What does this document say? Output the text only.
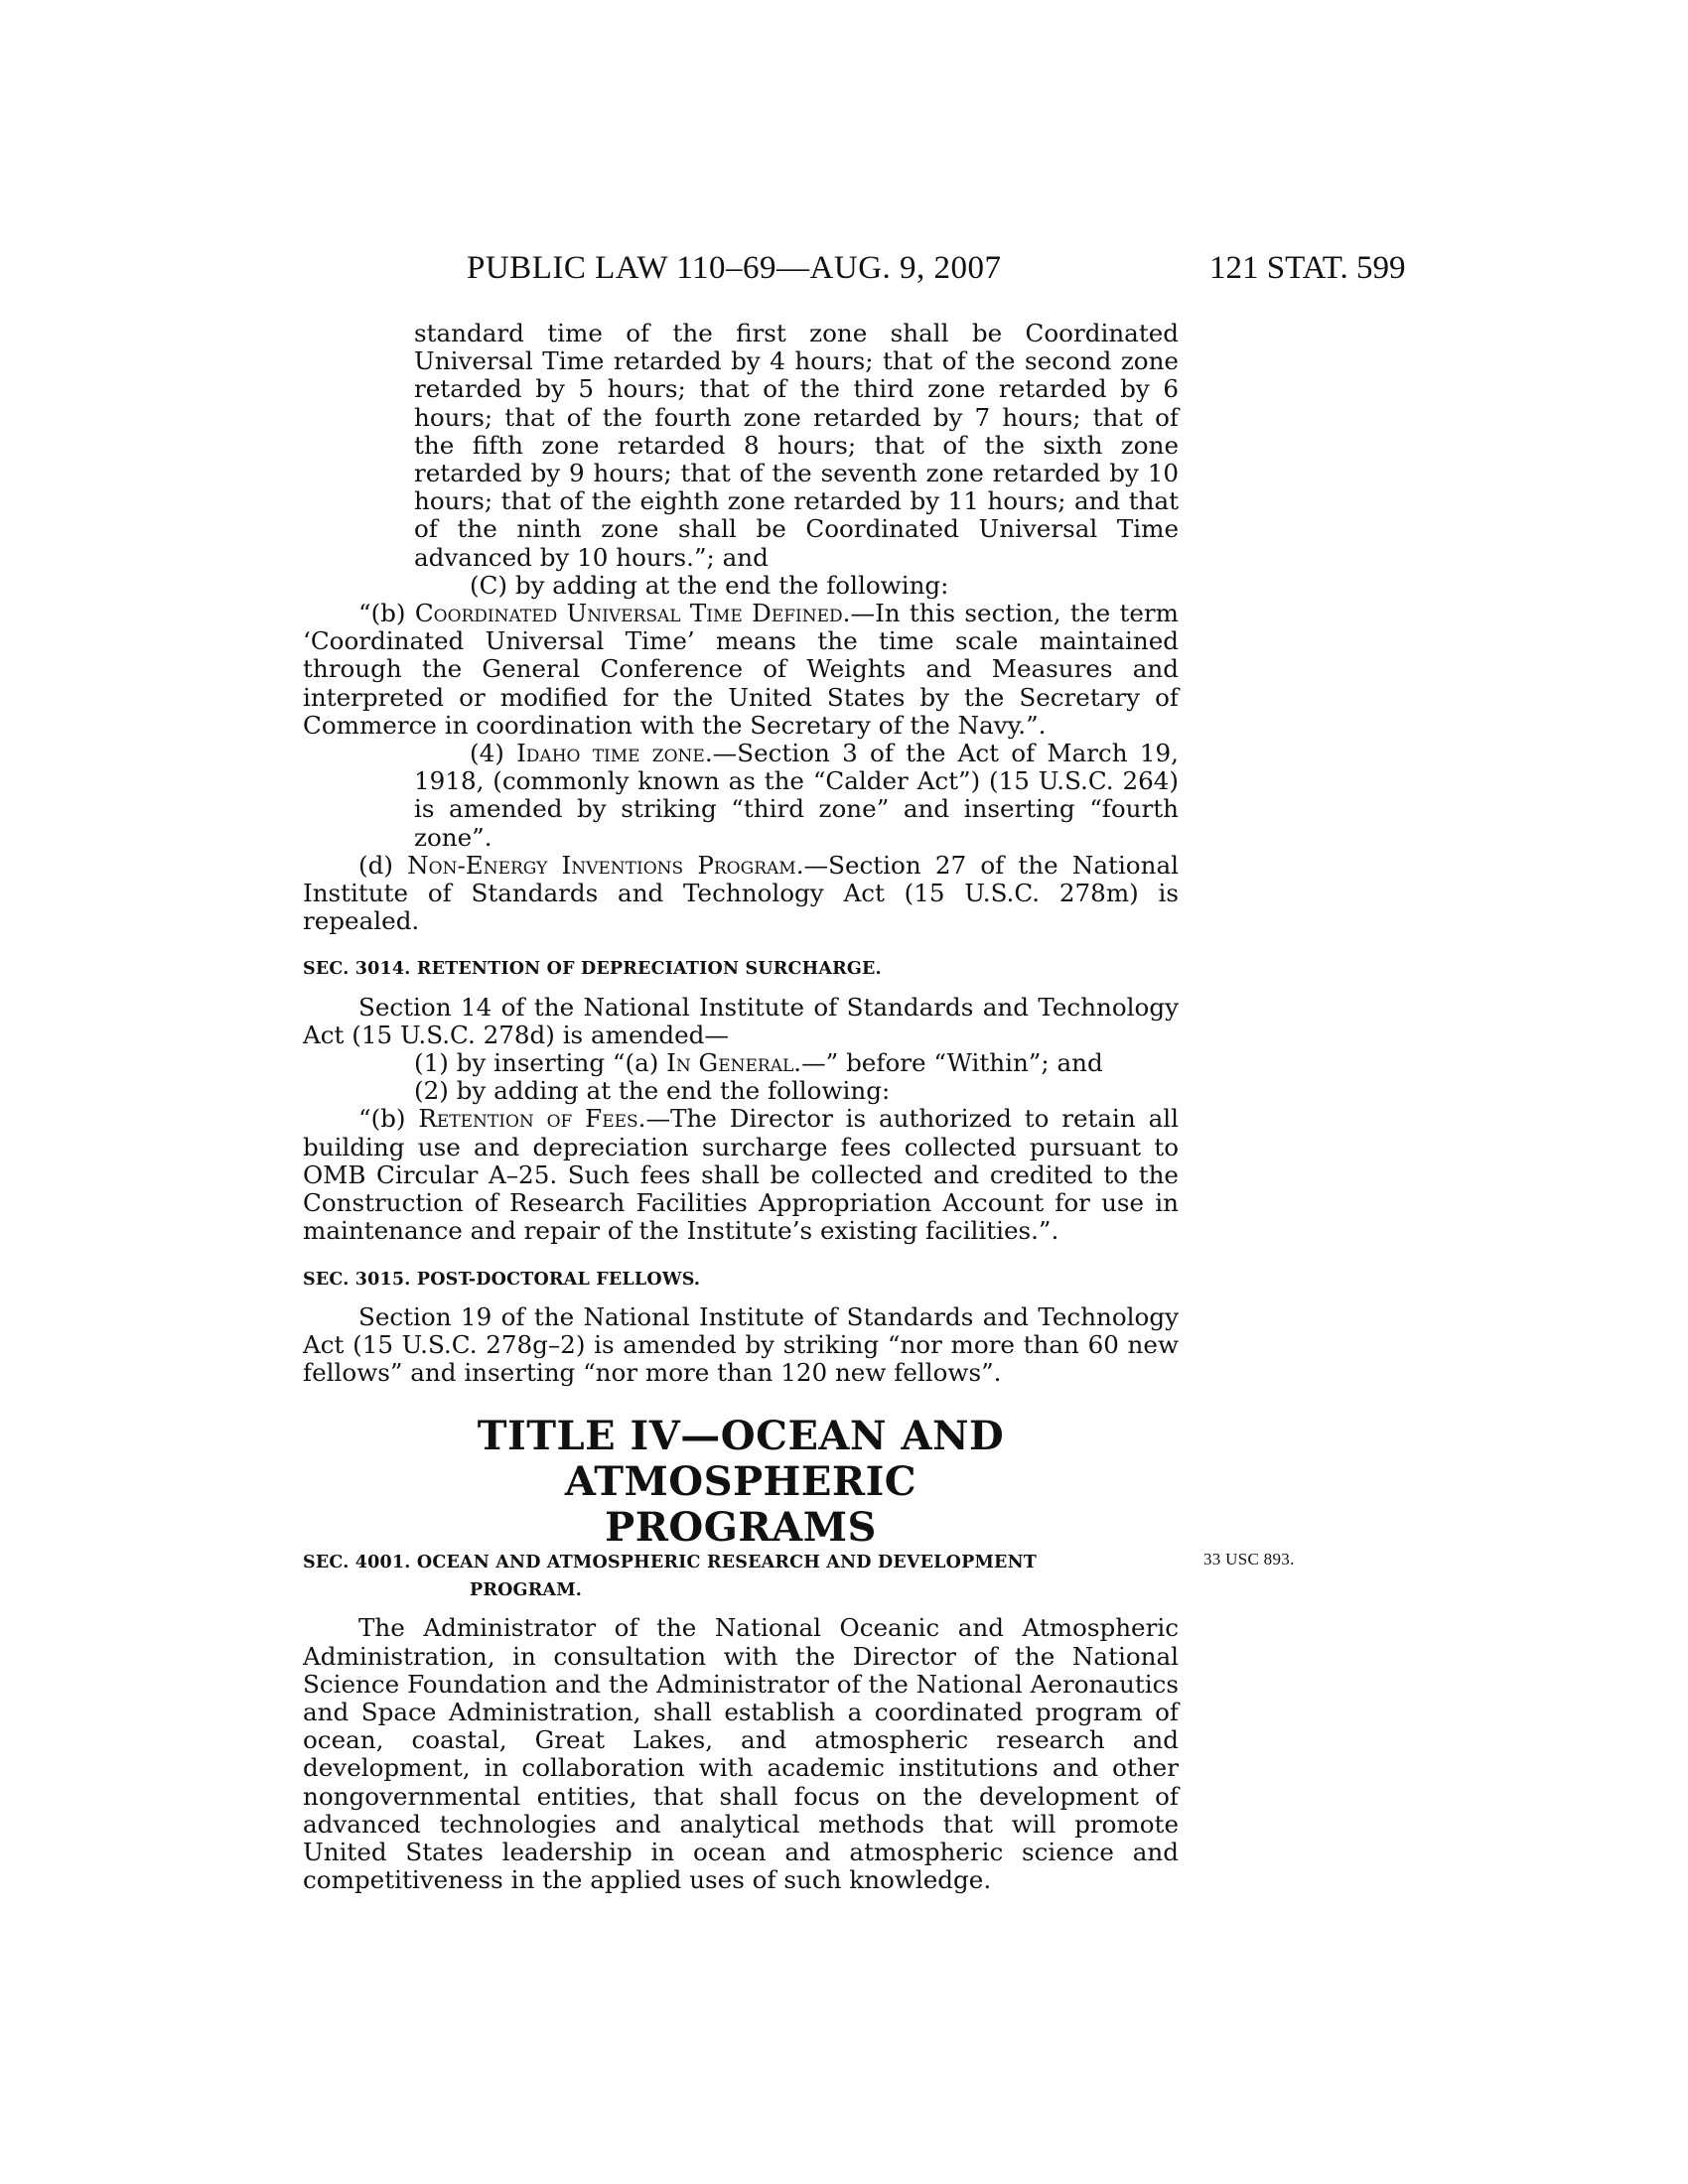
PUBLIC LAW 110–69—AUG. 9, 2007	121 STAT. 599

standard time of the first zone shall be Coordinated Universal Time retarded by 4 hours; that of the second zone retarded by 5 hours; that of the third zone retarded by 6 hours; that of the fourth zone retarded by 7 hours; that of the fifth zone retarded 8 hours; that of the sixth zone retarded by 9 hours; that of the seventh zone retarded by 10 hours; that of the eighth zone retarded by 11 hours; and that of the ninth zone shall be Coordinated Universal Time advanced by 10 hours.”; and

(C) by adding at the end the following:

“(b) Coordinated Universal Time Defined.—In this section, the term ‘Coordinated Universal Time’ means the time scale maintained through the General Conference of Weights and Measures and interpreted or modified for the United States by the Secretary of Commerce in coordination with the Secretary of the Navy.”.

(4) Idaho time zone.—Section 3 of the Act of March 19, 1918, (commonly known as the “Calder Act”) (15 U.S.C. 264) is amended by striking “third zone” and inserting “fourth zone”.

(d) Non-Energy Inventions Program.—Section 27 of the National Institute of Standards and Technology Act (15 U.S.C. 278m) is repealed.

SEC. 3014. RETENTION OF DEPRECIATION SURCHARGE.

Section 14 of the National Institute of Standards and Technology Act (15 U.S.C. 278d) is amended—

(1) by inserting “(a) In General.—” before “Within”; and

(2) by adding at the end the following:

“(b) Retention of Fees.—The Director is authorized to retain all building use and depreciation surcharge fees collected pursuant to OMB Circular A–25. Such fees shall be collected and credited to the Construction of Research Facilities Appropriation Account for use in maintenance and repair of the Institute’s existing facilities.”.

SEC. 3015. POST-DOCTORAL FELLOWS.

Section 19 of the National Institute of Standards and Technology Act (15 U.S.C. 278g–2) is amended by striking “nor more than 60 new fellows” and inserting “nor more than 120 new fellows”.

TITLE IV—OCEAN AND ATMOSPHERIC
PROGRAMS
33 USC 893.

SEC. 4001. OCEAN AND ATMOSPHERIC RESEARCH AND DEVELOPMENT
PROGRAM.

The Administrator of the National Oceanic and Atmospheric Administration, in consultation with the Director of the National Science Foundation and the Administrator of the National Aeronautics and Space Administration, shall establish a coordinated program of ocean, coastal, Great Lakes, and atmospheric research and development, in collaboration with academic institutions and other nongovernmental entities, that shall focus on the development of advanced technologies and analytical methods that will promote United States leadership in ocean and atmospheric science and competitiveness in the applied uses of such knowledge.
